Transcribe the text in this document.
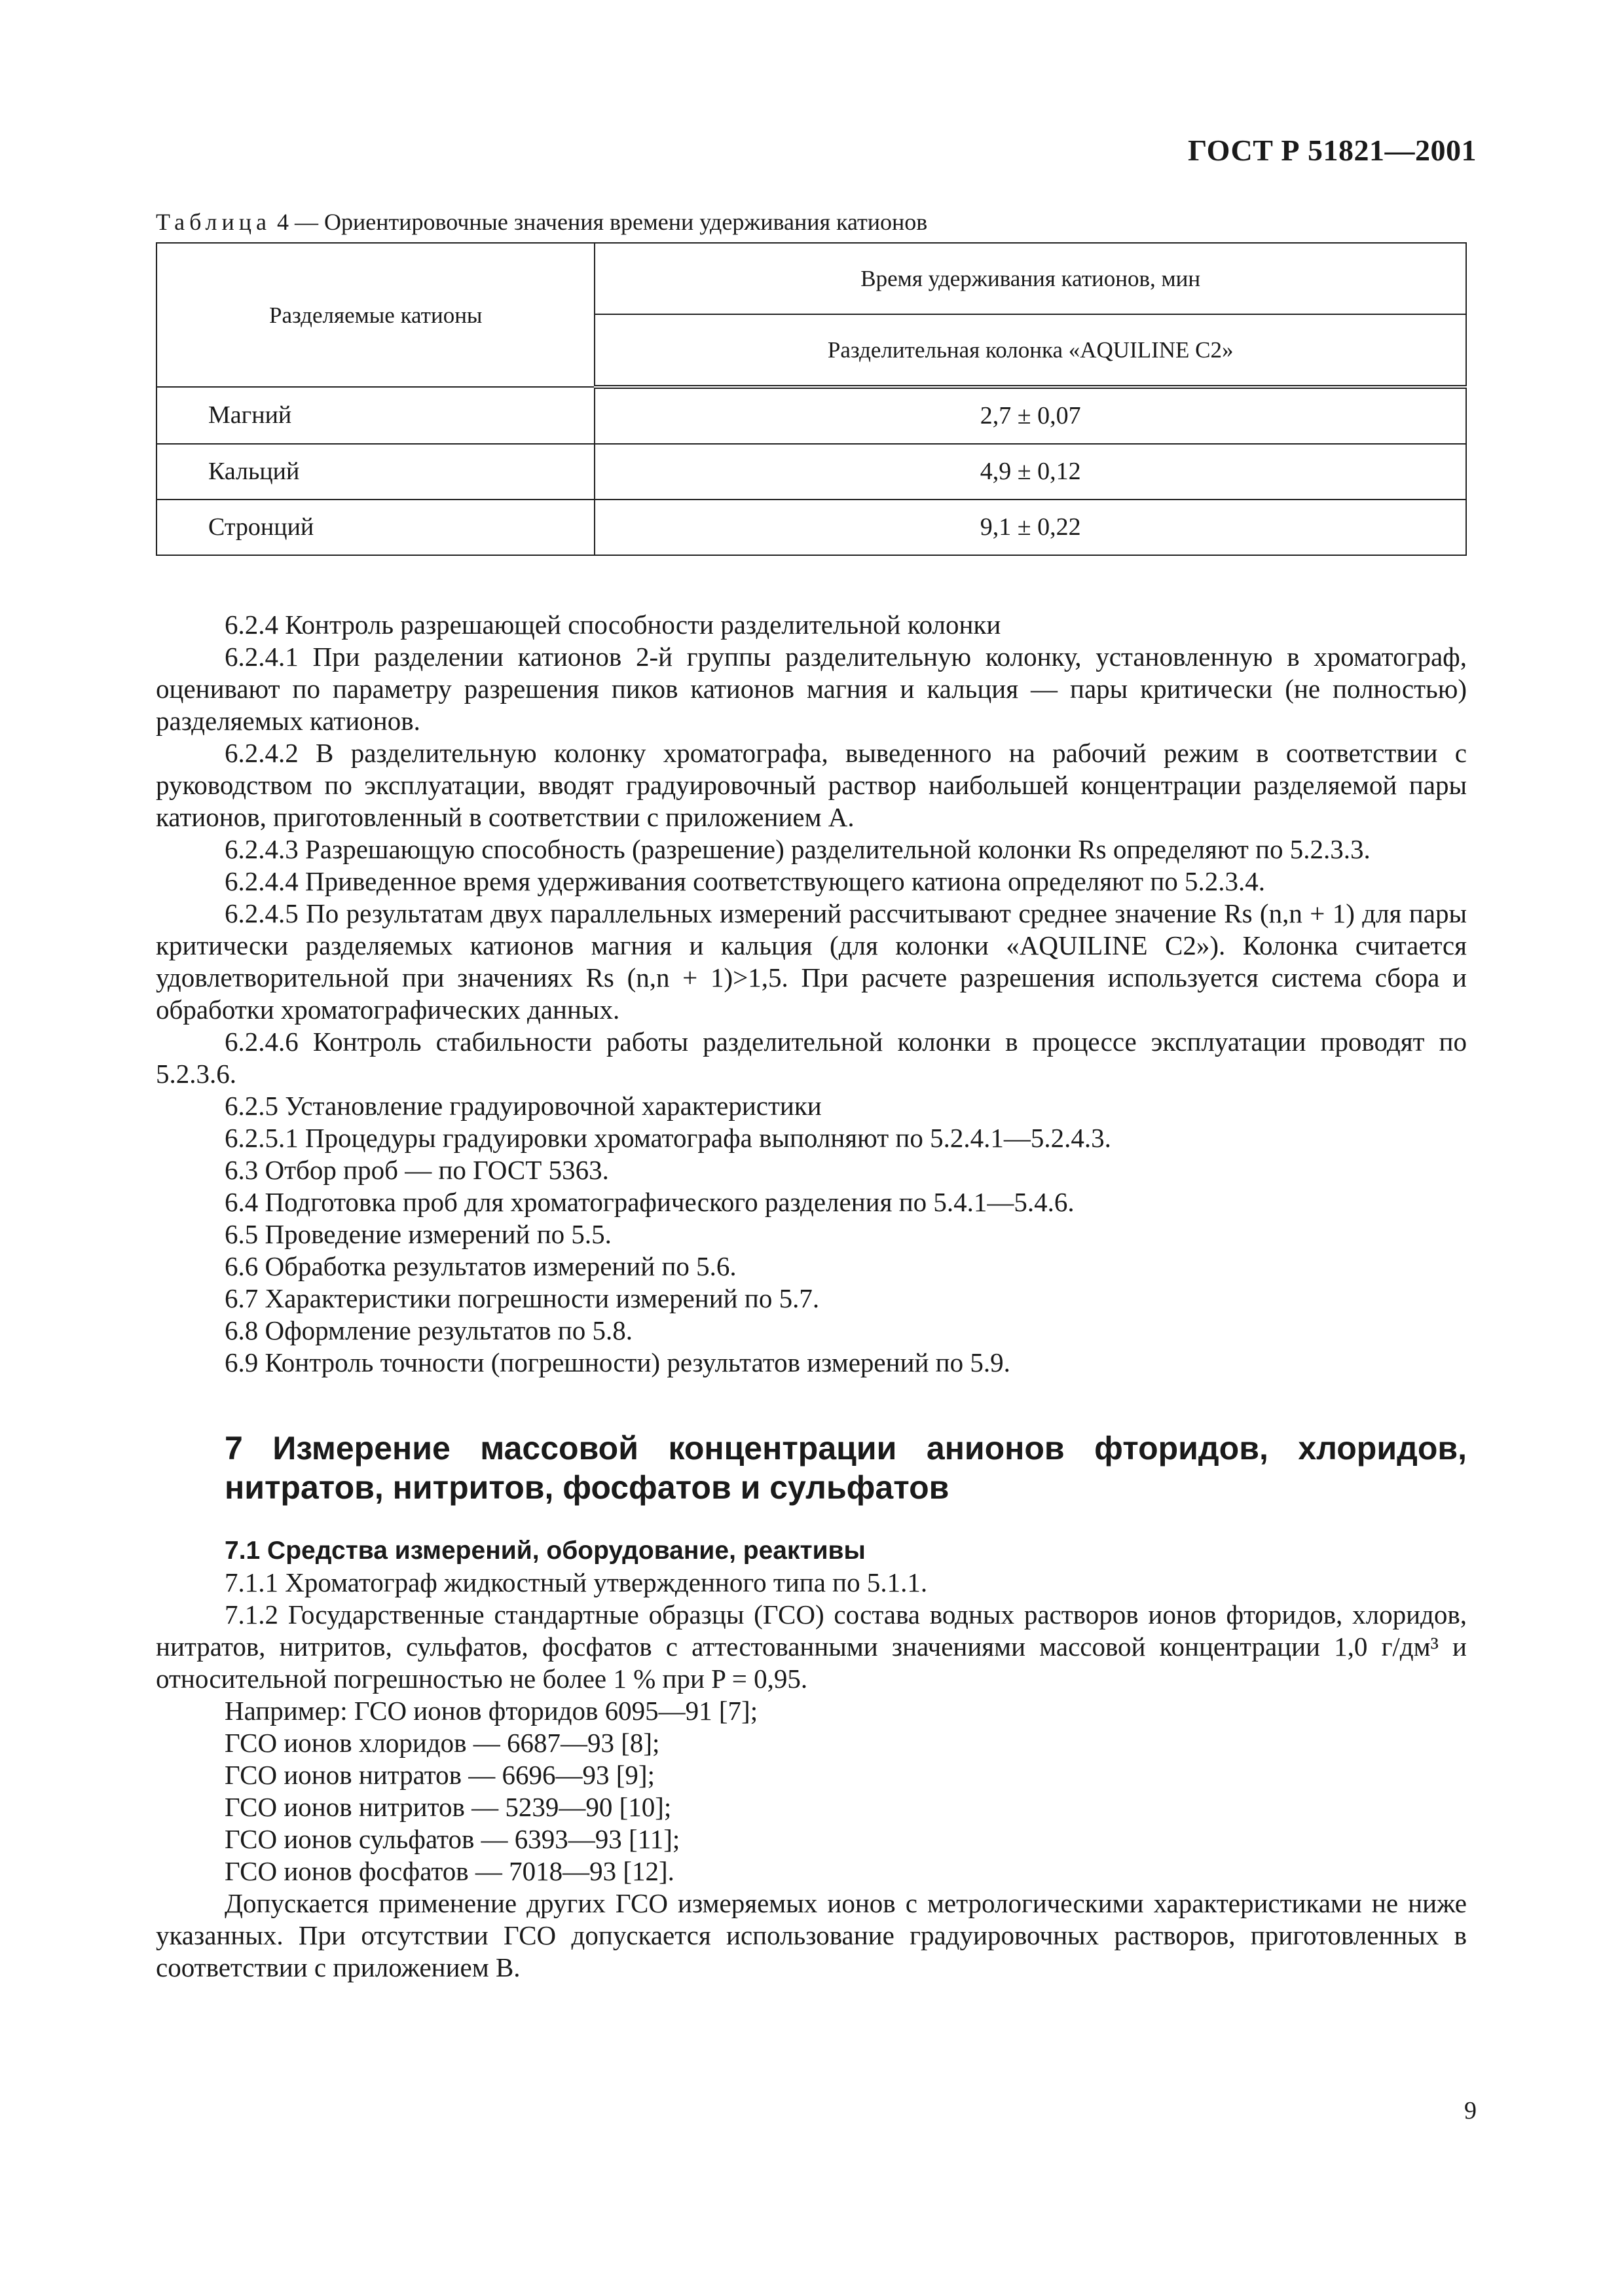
ГОСТ Р 51821—2001
Таблица 4 — Ориентировочные значения времени удерживания катионов
Разделяемые катионы	Время удерживания катионов, мин
	Разделительная колонка «AQUILINE C2»
Магний	2,7 ± 0,07
Кальций	4,9 ± 0,12
Стронций	9,1 ± 0,22

6.2.4 Контроль разрешающей способности разделительной колонки

6.2.4.1 При разделении катионов 2-й группы разделительную колонку, установленную в хроматограф, оценивают по параметру разрешения пиков катионов магния и кальция — пары критически (не полностью) разделяемых катионов.

6.2.4.2 В разделительную колонку хроматографа, выведенного на рабочий режим в соответствии с руководством по эксплуатации, вводят градуировочный раствор наибольшей концентрации разделяемой пары катионов, приготовленный в соответствии с приложением А.

6.2.4.3 Разрешающую способность (разрешение) разделительной колонки Rs определяют по 5.2.3.3.

6.2.4.4 Приведенное время удерживания соответствующего катиона определяют по 5.2.3.4.

6.2.4.5 По результатам двух параллельных измерений рассчитывают среднее значение Rs (n,n + 1) для пары критически разделяемых катионов магния и кальция (для колонки «AQUILINE C2»). Колонка считается удовлетворительной при значениях Rs (n,n + 1)>1,5. При расчете разрешения используется система сбора и обработки хроматографических данных.

6.2.4.6 Контроль стабильности работы разделительной колонки в процессе эксплуатации проводят по 5.2.3.6.

6.2.5 Установление градуировочной характеристики

6.2.5.1 Процедуры градуировки хроматографа выполняют по 5.2.4.1—5.2.4.3.

6.3 Отбор проб — по ГОСТ 5363.

6.4 Подготовка проб для хроматографического разделения по 5.4.1—5.4.6.

6.5 Проведение измерений по 5.5.

6.6 Обработка результатов измерений по 5.6.

6.7 Характеристики погрешности измерений по 5.7.

6.8 Оформление результатов по 5.8.

6.9 Контроль точности (погрешности) результатов измерений по 5.9.

7 Измерение массовой концентрации анионов фторидов, хлоридов, нитратов, нитритов, фосфатов и сульфатов

7.1 Средства измерений, оборудование, реактивы

7.1.1 Хроматограф жидкостный утвержденного типа по 5.1.1.

7.1.2 Государственные стандартные образцы (ГСО) состава водных растворов ионов фторидов, хлоридов, нитратов, нитритов, сульфатов, фосфатов с аттестованными значениями массовой концентрации 1,0 г/дм³ и относительной погрешностью не более 1 % при P = 0,95.

Например: ГСО ионов фторидов 6095—91 [7];

ГСО ионов хлоридов — 6687—93 [8];

ГСО ионов нитратов — 6696—93 [9];

ГСО ионов нитритов — 5239—90 [10];

ГСО ионов сульфатов — 6393—93 [11];

ГСО ионов фосфатов — 7018—93 [12].

Допускается применение других ГСО измеряемых ионов с метрологическими характеристиками не ниже указанных. При отсутствии ГСО допускается использование градуировочных растворов, приготовленных в соответствии с приложением В.

9
